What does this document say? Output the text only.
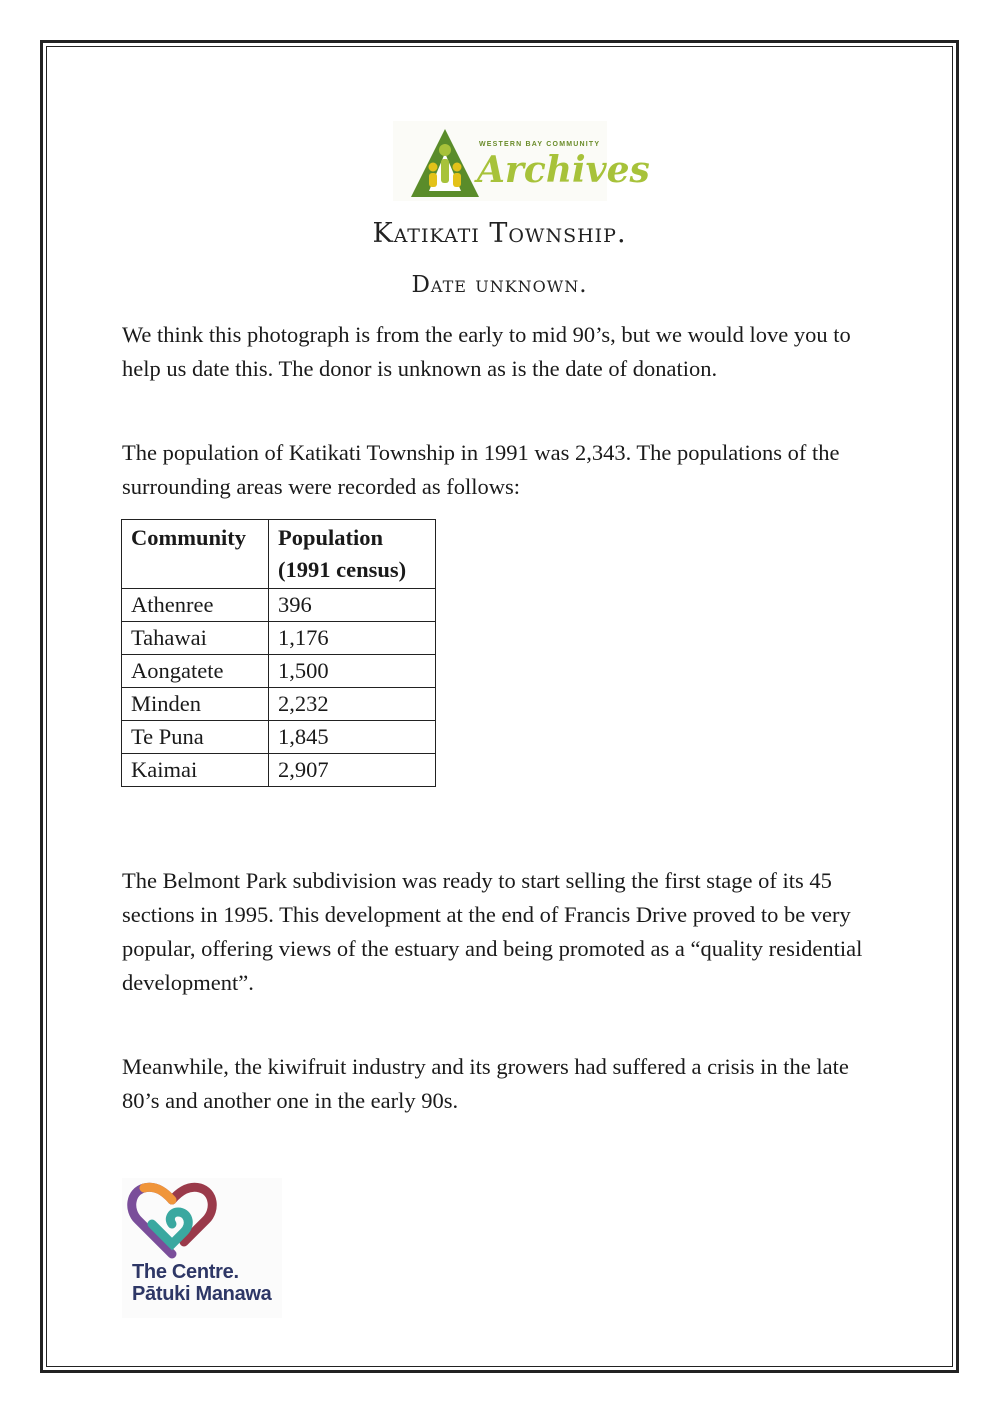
WESTERN BAY COMMUNITY
Archives
Katikati Township.
Date unknown.

We think this photograph is from the early to mid 90’s, but we would love you to help us date this. The donor is unknown as is the date of donation.

The population of Katikati Township in 1991 was 2,343. The populations of the surrounding areas were recorded as follows:

Community	Population (1991 census)
Athenree	396
Tahawai	1,176
Aongatete	1,500
Minden	2,232
Te Puna	1,845
Kaimai	2,907

The Belmont Park subdivision was ready to start selling the first stage of its 45 sections in 1995. This development at the end of Francis Drive proved to be very popular, offering views of the estuary and being promoted as a “quality residential development”.

Meanwhile, the kiwifruit industry and its growers had suffered a crisis in the late 80’s and another one in the early 90s.

The Centre.
Pātuki Manawa
